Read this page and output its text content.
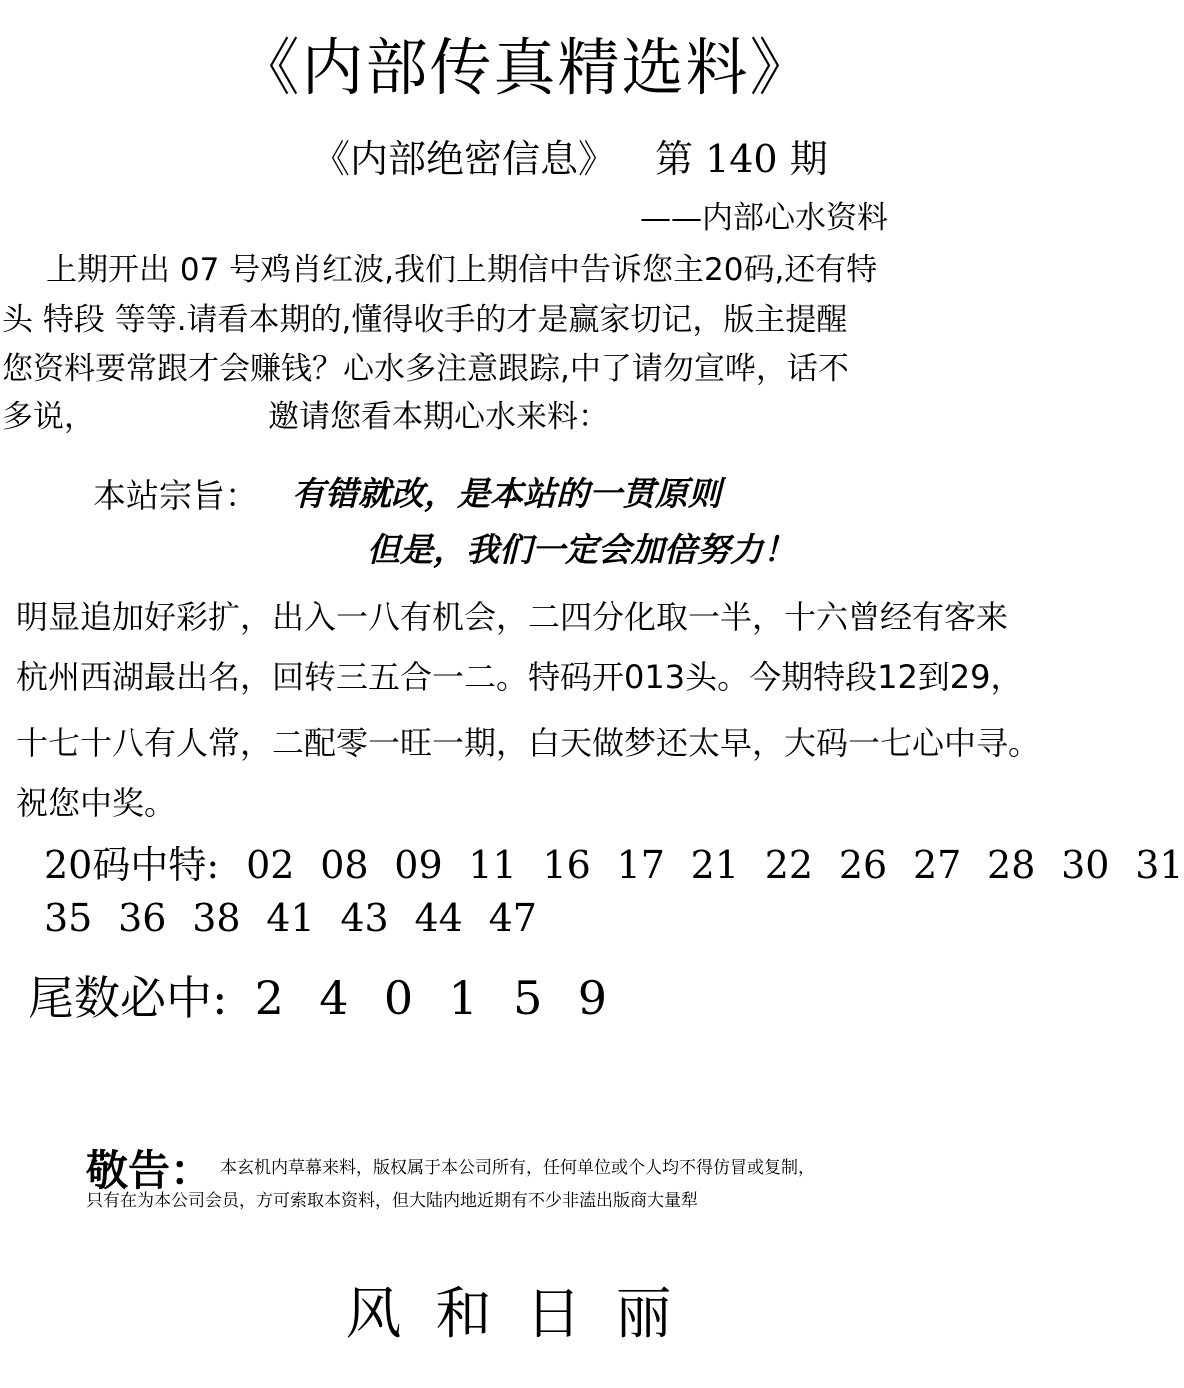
《内部传真精选料》
《内部绝密信息》 第 140 期
——内部心水资料
上期开出 07 号鸡肖红波,我们上期信中告诉您主20码,还有特
头 特段 等等.请看本期的,懂得收手的才是赢家切记，版主提醒
您资料要常跟才会赚钱？心水多注意跟踪,中了请勿宣哗，话不
多说，	邀请您看本期心水来料：
本站宗旨： 有错就改，是本站的一贯原则
但是，我们一定会加倍努力！
明显追加好彩扩，出入一八有机会，二四分化取一半，十六曾经有客来
杭州西湖最出名，回转三五合一二。特码开013头。今期特段12到29，
十七十八有人常，二配零一旺一期，白天做梦还太早，大码一七心中寻。
祝您中奖。
20码中特: 02 08 09 11 16 17 21 22 26 27 28 30 31
35 36 38 41 43 44 47
尾数必中: 2 4 0 1 5 9
敬告： 本玄机内草幕来料，版权属于本公司所有，任何单位或个人均不得仿冒或复制，
只有在为本公司会员，方可索取本资料，但大陆内地近期有不少非溘出版商大量犁
风和日丽
